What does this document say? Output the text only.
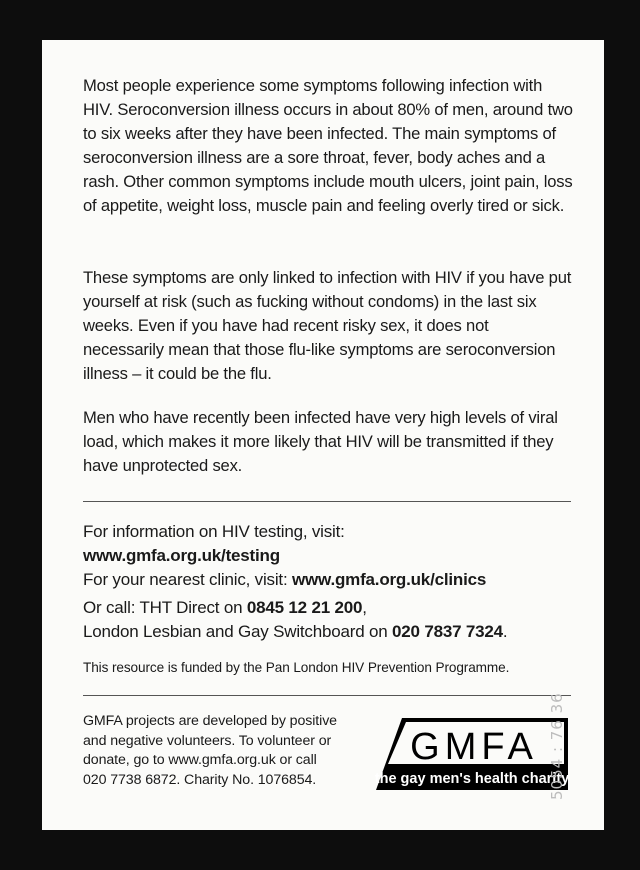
Most people experience some symptoms following infection with HIV. Seroconversion illness occurs in about 80% of men, around two to six weeks after they have been infected. The main symptoms of seroconversion illness are a sore throat, fever, body aches and a rash. Other common symptoms include mouth ulcers, joint pain, loss of appetite, weight loss, muscle pain and feeling overly tired or sick.

These symptoms are only linked to infection with HIV if you have put yourself at risk (such as fucking without condoms) in the last six weeks. Even if you have had recent risky sex, it does not necessarily mean that those flu-like symptoms are seroconversion illness – it could be the flu.

Men who have recently been infected have very high levels of viral load, which makes it more likely that HIV will be transmitted if they have unprotected sex.

For information on HIV testing, visit:
www.gmfa.org.uk/testing
For your nearest clinic, visit: www.gmfa.org.uk/clinics
Or call: THT Direct on 0845 12 21 200,
London Lesbian and Gay Switchboard on 020 7837 7324.
This resource is funded by the Pan London HIV Prevention Programme.
GMFA projects are developed by positive
and negative volunteers. To volunteer or
donate, go to www.gmfa.org.uk or call
020 7738 6872. Charity No. 1076854.
GMFA
the gay men's health charity
5054 : 76 36
